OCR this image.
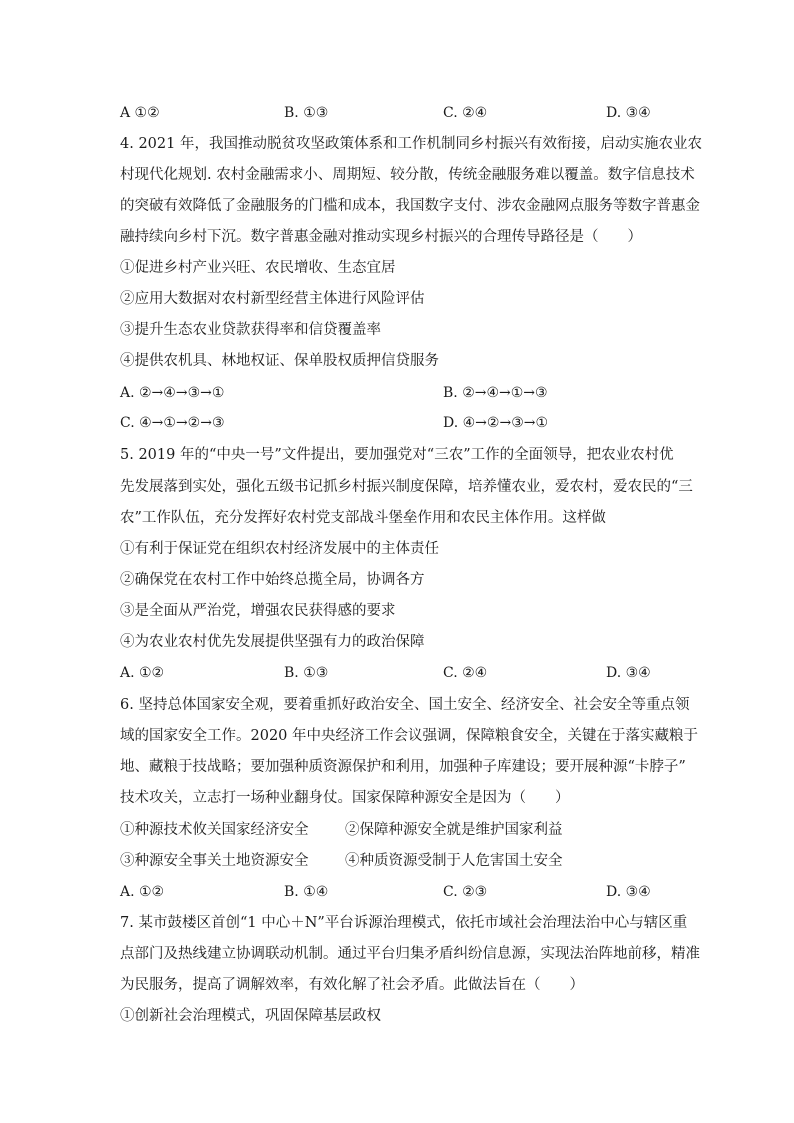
A ①②	B. ①③	C. ②④	D. ③④
4. 2021 年，我国推动脱贫攻坚政策体系和工作机制同乡村振兴有效衔接，启动实施农业农
村现代化规划. 农村金融需求小、周期短、较分散，传统金融服务难以覆盖。数字信息技术
的突破有效降低了金融服务的门槛和成本，我国数字支付、涉农金融网点服务等数字普惠金
融持续向乡村下沉。数字普惠金融对推动实现乡村振兴的合理传导路径是（　　）
①促进乡村产业兴旺、农民增收、生态宜居
②应用大数据对农村新型经营主体进行风险评估
③提升生态农业贷款获得率和信贷覆盖率
④提供农机具、林地权证、保单股权质押信贷服务
A. ②→④→③→①	B. ②→④→①→③
C. ④→①→②→③	D. ④→②→③→①
5. 2019 年的“中央一号”文件提出，要加强党对“三农”工作的全面领导，把农业农村优
先发展落到实处，强化五级书记抓乡村振兴制度保障，培养懂农业，爱农村，爱农民的“三
农”工作队伍，充分发挥好农村党支部战斗堡垒作用和农民主体作用。这样做
①有利于保证党在组织农村经济发展中的主体责任
②确保党在农村工作中始终总揽全局，协调各方
③是全面从严治党，增强农民获得感的要求
④为农业农村优先发展提供坚强有力的政治保障
A. ①②	B. ①③	C. ②④	D. ③④
6. 坚持总体国家安全观，要着重抓好政治安全、国土安全、经济安全、社会安全等重点领
域的国家安全工作。2020 年中央经济工作会议强调，保障粮食安全，关键在于落实藏粮于
地、藏粮于技战略；要加强种质资源保护和利用，加强种子库建设；要开展种源“卡脖子”
技术攻关，立志打一场种业翻身仗。国家保障种源安全是因为（　　）
①种源技术攸关国家经济安全	②保障种源安全就是维护国家利益
③种源安全事关土地资源安全	④种质资源受制于人危害国土安全
A. ①②	B. ①④	C. ②③	D. ③④
7. 某市鼓楼区首创“1 中心＋N”平台诉源治理模式，依托市域社会治理法治中心与辖区重
点部门及热线建立协调联动机制。通过平台归集矛盾纠纷信息源，实现法治阵地前移，精准
为民服务，提高了调解效率，有效化解了社会矛盾。此做法旨在（　　）
①创新社会治理模式，巩固保障基层政权
